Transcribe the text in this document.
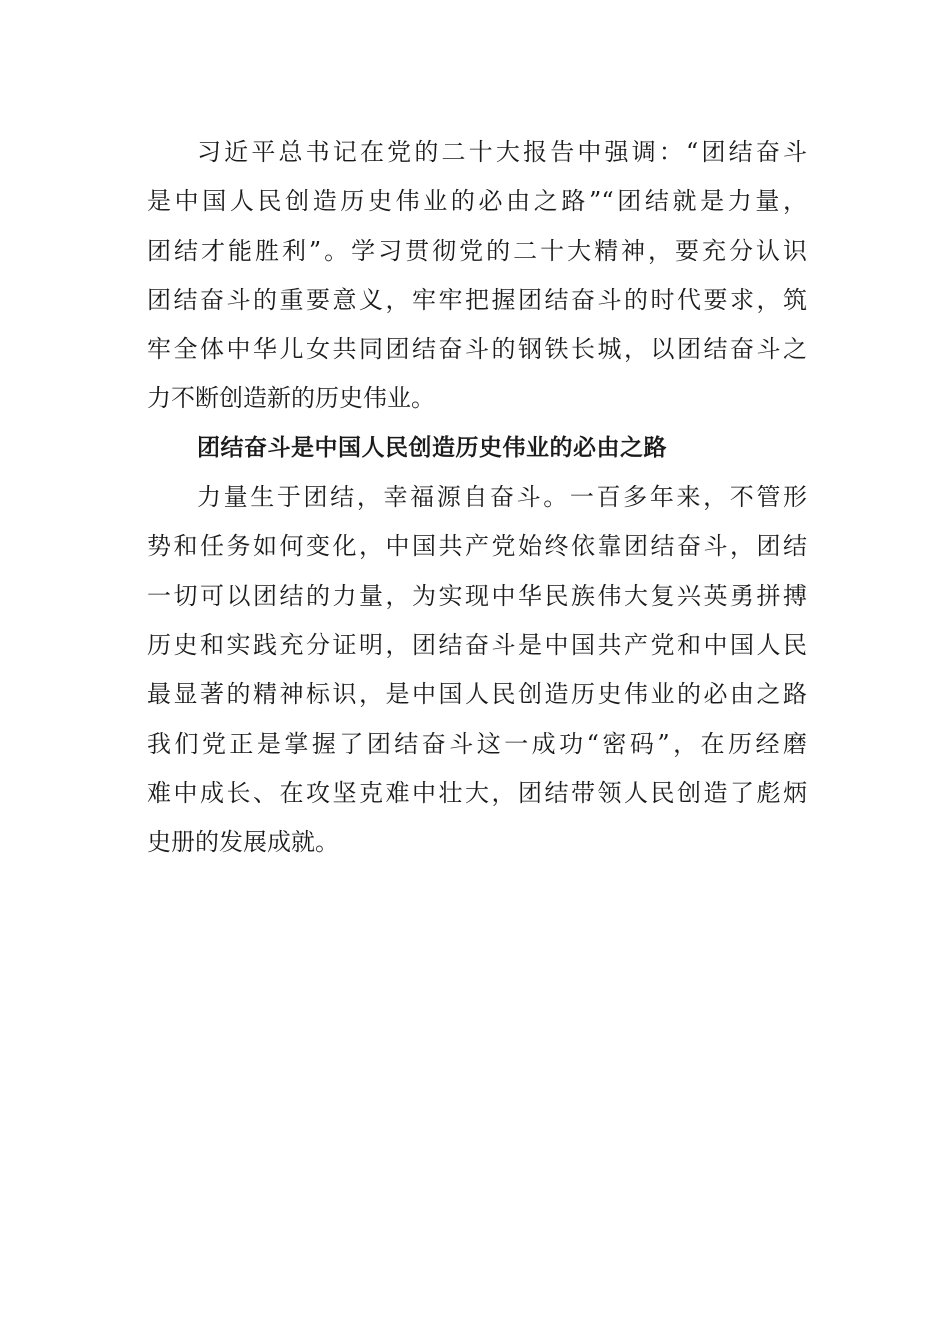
习近平总书记在党的二十大报告中强调：“团结奋斗
是中国人民创造历史伟业的必由之路”“团结就是力量，
团结才能胜利”。学习贯彻党的二十大精神，要充分认识
团结奋斗的重要意义，牢牢把握团结奋斗的时代要求，筑
牢全体中华儿女共同团结奋斗的钢铁长城，以团结奋斗之
力不断创造新的历史伟业。
团结奋斗是中国人民创造历史伟业的必由之路
力量生于团结，幸福源自奋斗。一百多年来，不管形
势和任务如何变化，中国共产党始终依靠团结奋斗，团结
一切可以团结的力量，为实现中华民族伟大复兴英勇拼搏
历史和实践充分证明，团结奋斗是中国共产党和中国人民
最显著的精神标识，是中国人民创造历史伟业的必由之路
我们党正是掌握了团结奋斗这一成功“密码”，在历经磨
难中成长、在攻坚克难中壮大，团结带领人民创造了彪炳
史册的发展成就。
